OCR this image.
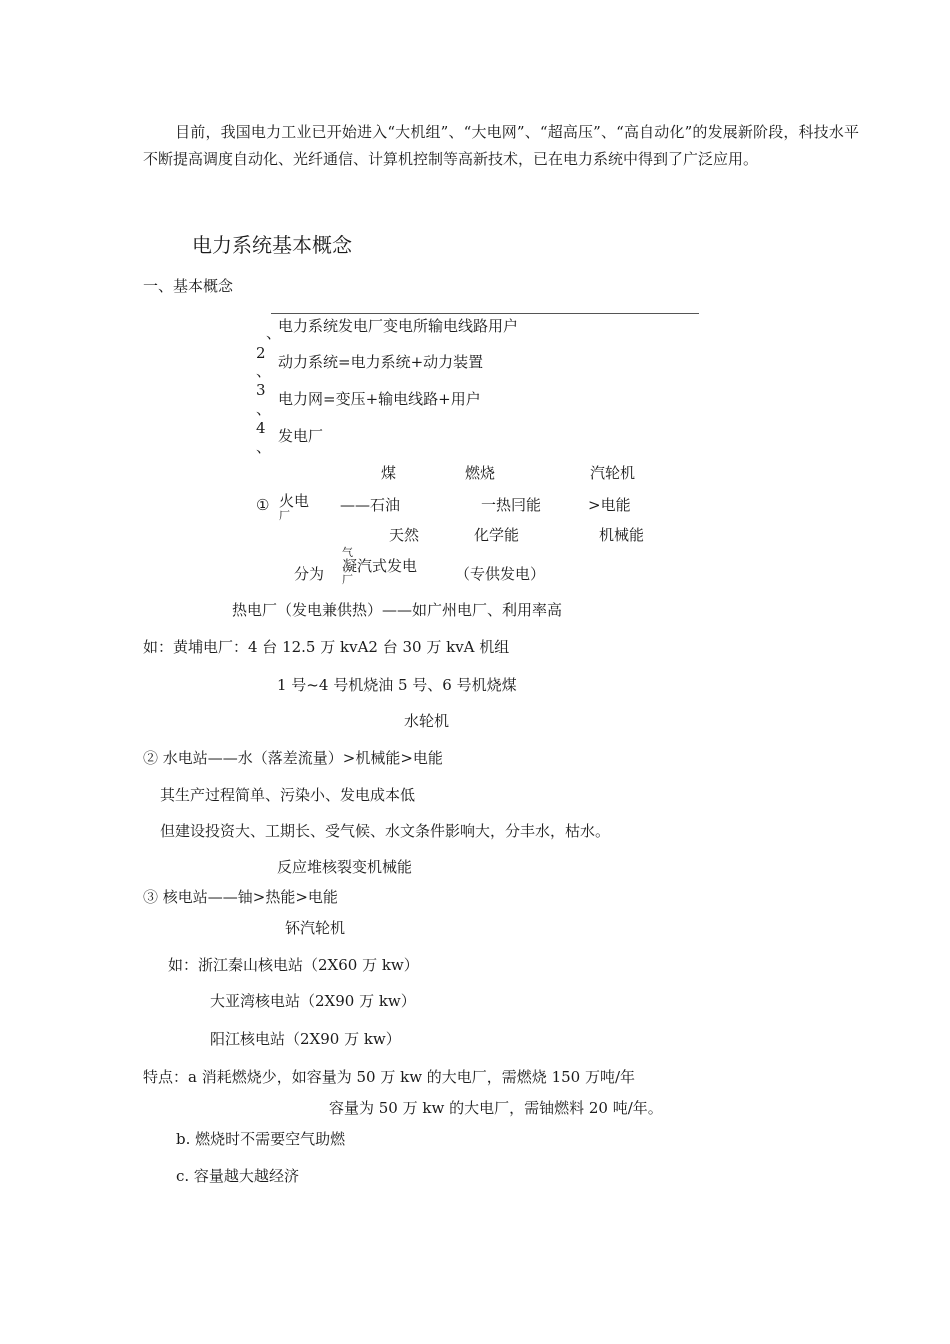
目前，我国电力工业已开始进入“大机组”、“大电网”、“超高压”、“高自动化”的发展新阶段，科技水平不断提高调度自动化、光纤通信、计算机控制等高新技术，已在电力系统中得到了广泛应用。
电力系统基本概念
一、基本概念
、
2
、
3
、
4
、
电力系统发电厂变电所输电线路用户
动力系统=电力系统+动力装置
电力网=变压+输电线路+用户
发电厂
煤	燃烧	汽轮机
① 火电
厂
——石油	一热冃能	>电能
天然	化学能	机械能
分为
气
凝汽式发电
厂	（专供发电）
热电厂（发电兼供热）——如广州电厂、利用率高
如：黄埔电厂：4 台 12.5 万 kvA2 台 30 万 kvA 机组
1 号~4 号机烧油 5 号、6 号机烧煤
水轮机
② 水电站——水（落差流量）>机械能>电能
其生产过程简单、污染小、发电成本低
但建设投资大、工期长、受气候、水文条件影响大，分丰水，枯水。
反应堆核裂变机械能
③ 核电站——铀>热能>电能
钚汽轮机
如：浙江秦山核电站（2X60 万 kw）
大亚湾核电站（2X90 万 kw）
阳江核电站（2X90 万 kw）
特点：a 消耗燃烧少，如容量为 50 万 kw 的大电厂，需燃烧 150 万吨/年
容量为 50 万 kw 的大电厂，需铀燃料 20 吨/年。
b. 燃烧时不需要空气助燃
c. 容量越大越经济
